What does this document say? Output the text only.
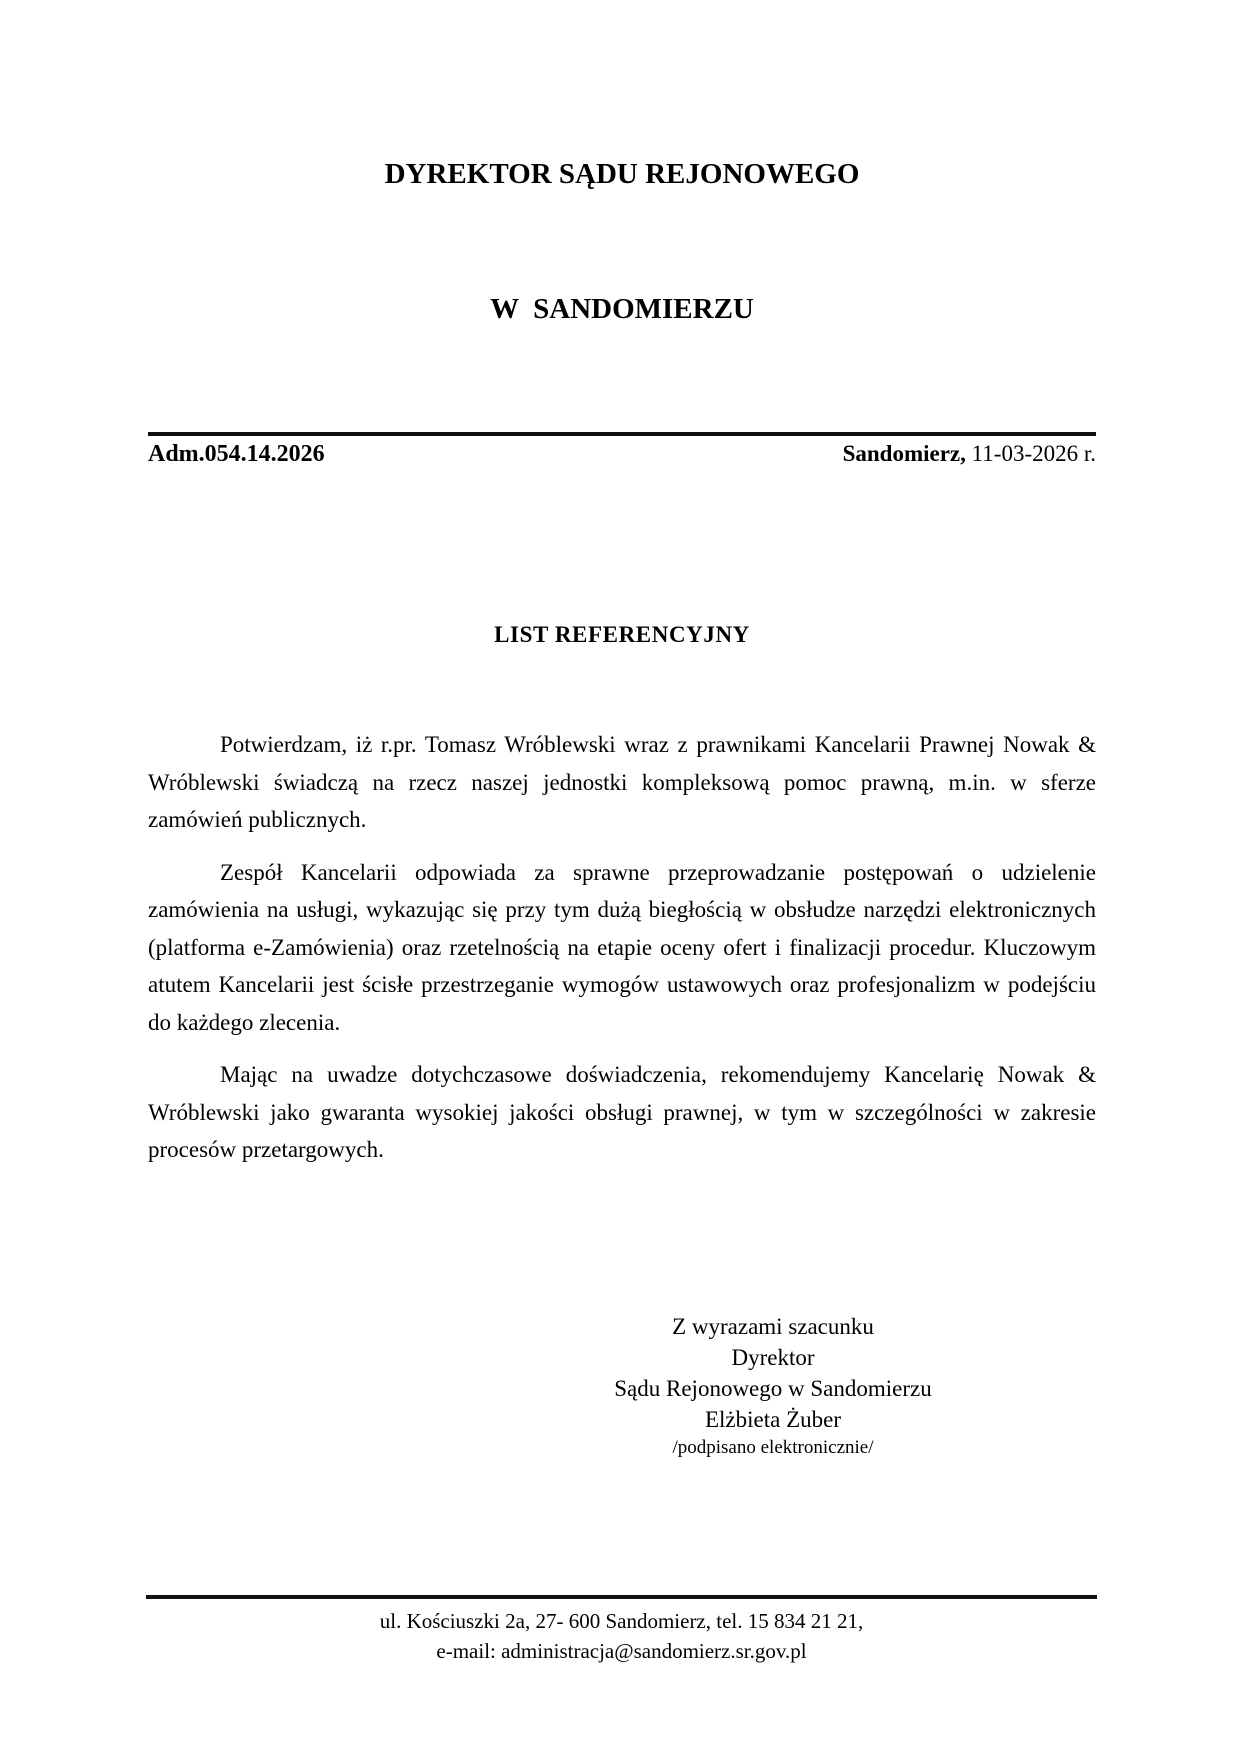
DYREKTOR SĄDU REJONOWEGO

W  SANDOMIERZU

Adm.054.14.2026	Sandomierz, 11-03-2026 r.
LIST REFERENCYJNY

Potwierdzam, iż r.pr. Tomasz Wróblewski wraz z prawnikami Kancelarii Prawnej Nowak & Wróblewski świadczą na rzecz naszej jednostki kompleksową pomoc prawną, m.in. w sferze zamówień publicznych.

Zespół Kancelarii odpowiada za sprawne przeprowadzanie postępowań o udzielenie zamówienia na usługi, wykazując się przy tym dużą biegłością w obsłudze narzędzi elektronicznych (platforma e-Zamówienia) oraz rzetelnością na etapie oceny ofert i finalizacji procedur. Kluczowym atutem Kancelarii jest ścisłe przestrzeganie wymogów ustawowych oraz profesjonalizm w podejściu do każdego zlecenia.

Mając na uwadze dotychczasowe doświadczenia, rekomendujemy Kancelarię Nowak & Wróblewski jako gwaranta wysokiej jakości obsługi prawnej, w tym w szczególności w zakresie procesów przetargowych.

Z wyrazami szacunku
Dyrektor
Sądu Rejonowego w Sandomierzu
Elżbieta Żuber
/podpisano elektronicznie/
ul. Kościuszki 2a, 27- 600 Sandomierz, tel. 15 834 21 21,
e-mail: administracja@sandomierz.sr.gov.pl
